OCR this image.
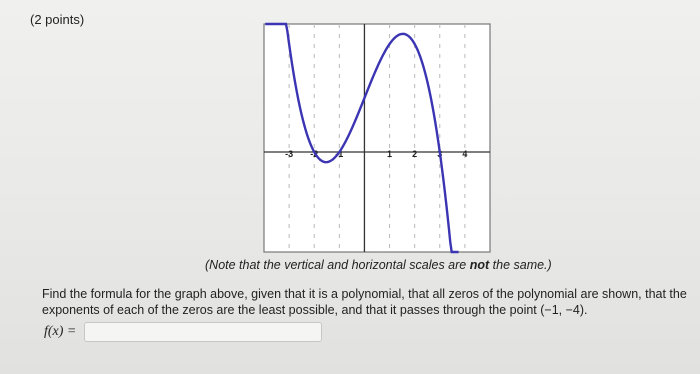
(2 points)
-3 -2 -1	1 2 3 4
(Note that the vertical and horizontal scales are not the same.)
Find the formula for the graph above, given that it is a polynomial, that all zeros of the polynomial are shown, that the exponents of each of the zeros are the least possible, and that it passes through the point (−1, −4).
f(x) =
